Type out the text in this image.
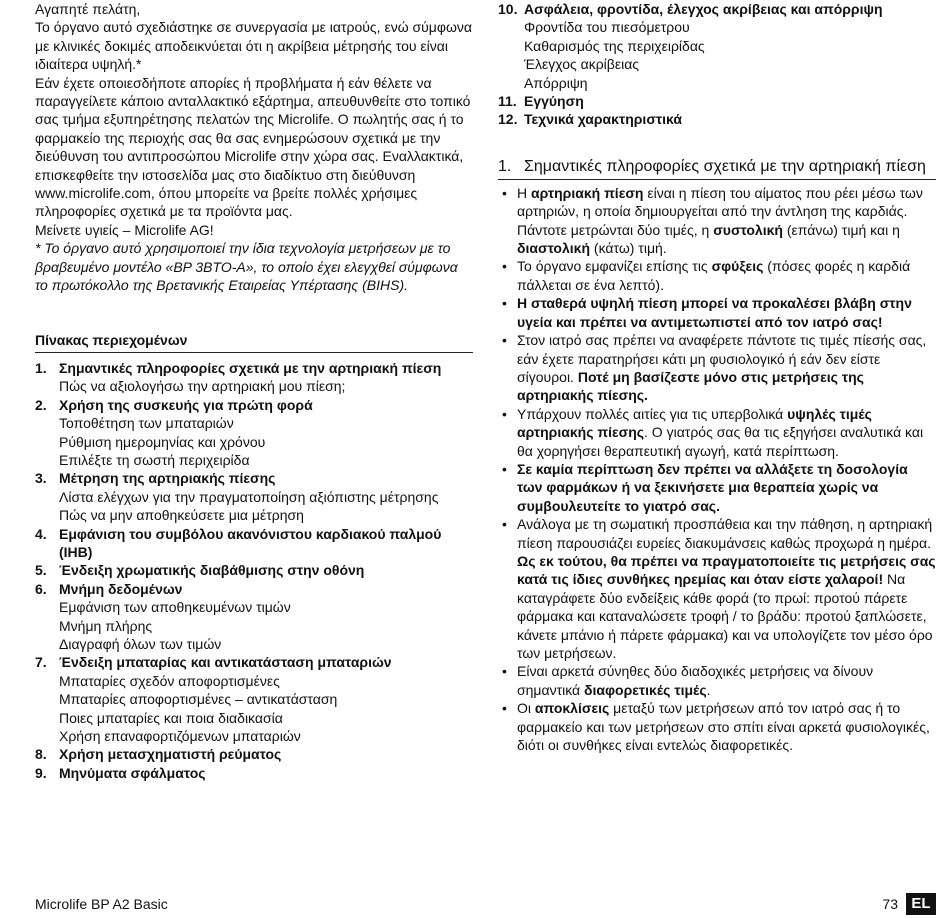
Αγαπητέ πελάτη,

Το όργανο αυτό σχεδιάστηκε σε συνεργασία με ιατρούς, ενώ σύμφωνα με κλινικές δοκιμές αποδεικνύεται ότι η ακρίβεια μέτρησής του είναι ιδιαίτερα υψηλή.*

Εάν έχετε οποιεσδήποτε απορίες ή προβλήματα ή εάν θέλετε να παραγγείλετε κάποιο ανταλλακτικό εξάρτημα, απευθυνθείτε στο τοπικό σας τμήμα εξυπηρέτησης πελατών της Microlife. Ο πωλητής σας ή το φαρμακείο της περιοχής σας θα σας ενημερώσουν σχετικά με την διεύθυνση του αντιπροσώπου Microlife στην χώρα σας. Εναλλακτικά, επισκεφθείτε την ιστοσελίδα μας στο διαδίκτυο στη διεύθυνση www.microlife.com, όπου μπορείτε να βρείτε πολλές χρήσιμες πληροφορίες σχετικά με τα προϊόντα μας.

Μείνετε υγιείς – Microlife AG!

* Το όργανο αυτό χρησιμοποιεί την ίδια τεχνολογία μετρήσεων με το βραβευμένο μοντέλο «BP 3BTO-A», το οποίο έχει ελεγχθεί σύμφωνα το πρωτόκολλο της Βρετανικής Εταιρείας Υπέρτασης (BIHS).

Πίνακας περιεχομένων
1. Σημαντικές πληροφορίες σχετικά με την αρτηριακή πίεση
Πώς να αξιολογήσω την αρτηριακή μου πίεση;
2. Χρήση της συσκευής για πρώτη φορά
Τοποθέτηση των μπαταριών
Ρύθμιση ημερομηνίας και χρόνου
Επιλέξτε τη σωστή περιχειρίδα
3. Μέτρηση της αρτηριακής πίεσης
Λίστα ελέγχων για την πραγματοποίηση αξιόπιστης μέτρησης
Πώς να μην αποθηκεύσετε μια μέτρηση
4. Εμφάνιση του συμβόλου ακανόνιστου καρδιακού παλμού (IHB)
5. Ένδειξη χρωματικής διαβάθμισης στην οθόνη
6. Μνήμη δεδομένων
Εμφάνιση των αποθηκευμένων τιμών
Μνήμη πλήρης
Διαγραφή όλων των τιμών
7. Ένδειξη μπαταρίας και αντικατάσταση μπαταριών
Μπαταρίες σχεδόν αποφορτισμένες
Μπαταρίες αποφορτισμένες – αντικατάσταση
Ποιες μπαταρίες και ποια διαδικασία
Χρήση επαναφορτιζόμενων μπαταριών
8. Χρήση μετασχηματιστή ρεύματος
9. Μηνύματα σφάλματος
10. Ασφάλεια, φροντίδα, έλεγχος ακρίβειας και απόρριψη
Φροντίδα του πιεσόμετρου
Καθαρισμός της περιχειρίδας
Έλεγχος ακρίβειας
Απόρριψη
11. Εγγύηση
12. Τεχνικά χαρακτηριστικά
1. Σημαντικές πληροφορίες σχετικά με την αρτηριακή πίεση
• Η αρτηριακή πίεση είναι η πίεση του αίματος που ρέει μέσω των αρτηριών, η οποία δημιουργείται από την άντληση της καρδιάς. Πάντοτε μετρώνται δύο τιμές, η συστολική (επάνω) τιμή και η διαστολική (κάτω) τιμή.
• Το όργανο εμφανίζει επίσης τις σφύξεις (πόσες φορές η καρδιά πάλλεται σε ένα λεπτό).
• Η σταθερά υψηλή πίεση μπορεί να προκαλέσει βλάβη στην υγεία και πρέπει να αντιμετωπιστεί από τον ιατρό σας!
• Στον ιατρό σας πρέπει να αναφέρετε πάντοτε τις τιμές πίεσής σας, εάν έχετε παρατηρήσει κάτι μη φυσιολογικό ή εάν δεν είστε σίγουροι. Ποτέ μη βασίζεστε μόνο στις μετρήσεις της αρτηριακής πίεσης.
• Υπάρχουν πολλές αιτίες για τις υπερβολικά υψηλές τιμές αρτηριακής πίεσης. Ο γιατρός σας θα τις εξηγήσει αναλυτικά και θα χορηγήσει θεραπευτική αγωγή, κατά περίπτωση.
• Σε καμία περίπτωση δεν πρέπει να αλλάξετε τη δοσολογία των φαρμάκων ή να ξεκινήσετε μια θεραπεία χωρίς να συμβουλευτείτε το γιατρό σας.
• Ανάλογα με τη σωματική προσπάθεια και την πάθηση, η αρτηριακή πίεση παρουσιάζει ευρείες διακυμάνσεις καθώς προχωρά η ημέρα. Ως εκ τούτου, θα πρέπει να πραγματοποιείτε τις μετρήσεις σας κατά τις ίδιες συνθήκες ηρεμίας και όταν είστε χαλαροί! Να καταγράφετε δύο ενδείξεις κάθε φορά (το πρωί: προτού πάρετε φάρμακα και καταναλώσετε τροφή / το βράδυ: προτού ξαπλώσετε, κάνετε μπάνιο ή πάρετε φάρμακα) και να υπολογίζετε τον μέσο όρο των μετρήσεων.
• Είναι αρκετά σύνηθες δύο διαδοχικές μετρήσεις να δίνουν σημαντικά διαφορετικές τιμές.
• Οι αποκλίσεις μεταξύ των μετρήσεων από τον ιατρό σας ή το φαρμακείο και των μετρήσεων στο σπίτι είναι αρκετά φυσιολογικές, διότι οι συνθήκες είναι εντελώς διαφορετικές.
Microlife BP A2 Basic	73 EL
